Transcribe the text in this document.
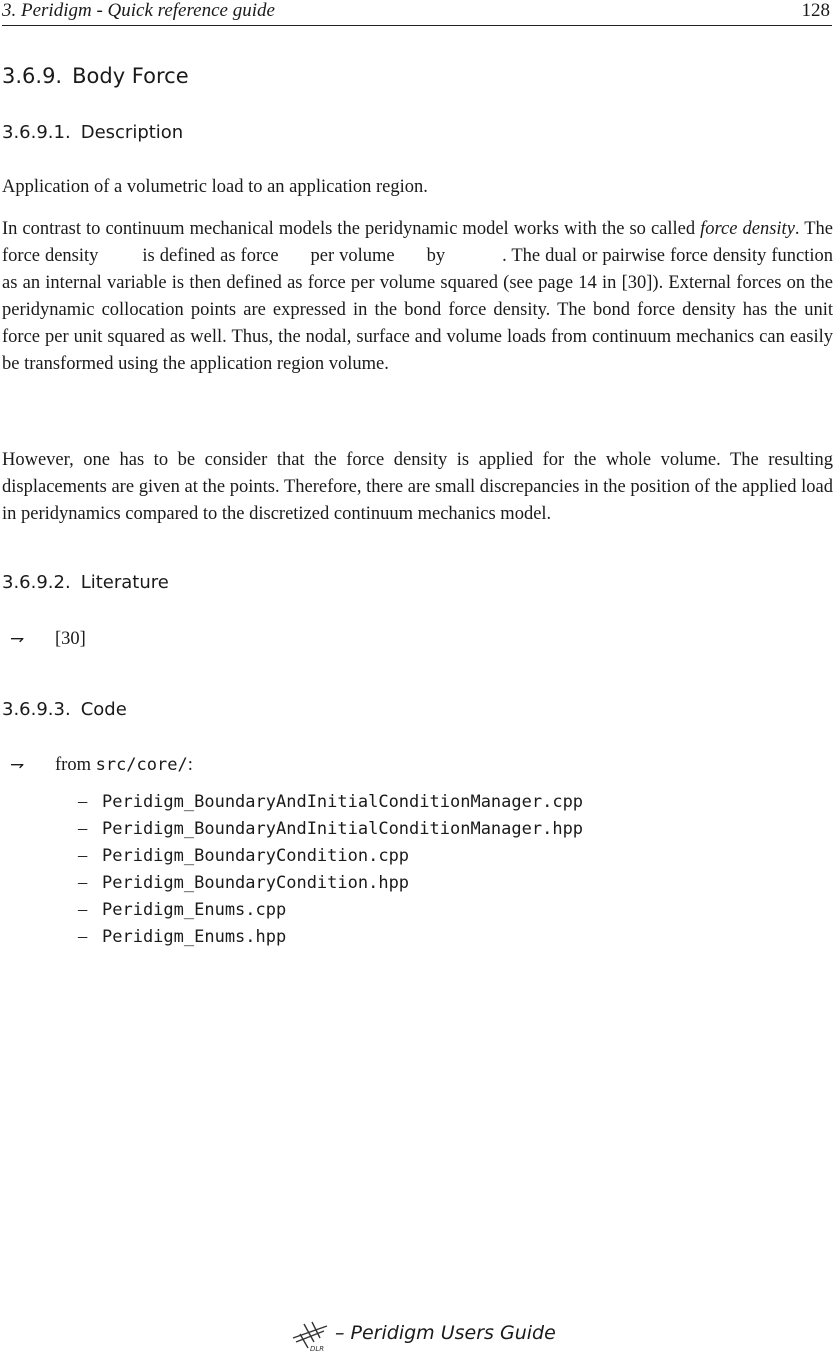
3. Peridigm - Quick reference guide	128
3.6.9. Body Force
3.6.9.1. Description

Application of a volumetric load to an application region.

In contrast to continuum mechanical models the peridynamic model works with the so called force density. The force density is defined as force per volume by	. The dual or pairwise force density function as an internal variable is then defined as force per volume squared (see page 14 in [30]). External forces on the peridynamic collocation points are expressed in the bond force density. The bond force density has the unit force per unit squared as well. Thus, the nodal, surface and volume loads from continuum mechanics can easily be transformed using the application region volume.

However, one has to be consider that the force density is applied for the whole volume. The resulting displacements are given at the points. Therefore, there are small discrepancies in the position of the applied load in peridynamics compared to the discretized continuum mechanics model.

3.6.9.2. Literature
⇁ [30]
3.6.9.3. Code
⇁ from src/core/:
– Peridigm_BoundaryAndInitialConditionManager.cpp
– Peridigm_BoundaryAndInitialConditionManager.hpp
– Peridigm_BoundaryCondition.cpp
– Peridigm_BoundaryCondition.hpp
– Peridigm_Enums.cpp
– Peridigm_Enums.hpp
DLR
– Peridigm Users Guide
